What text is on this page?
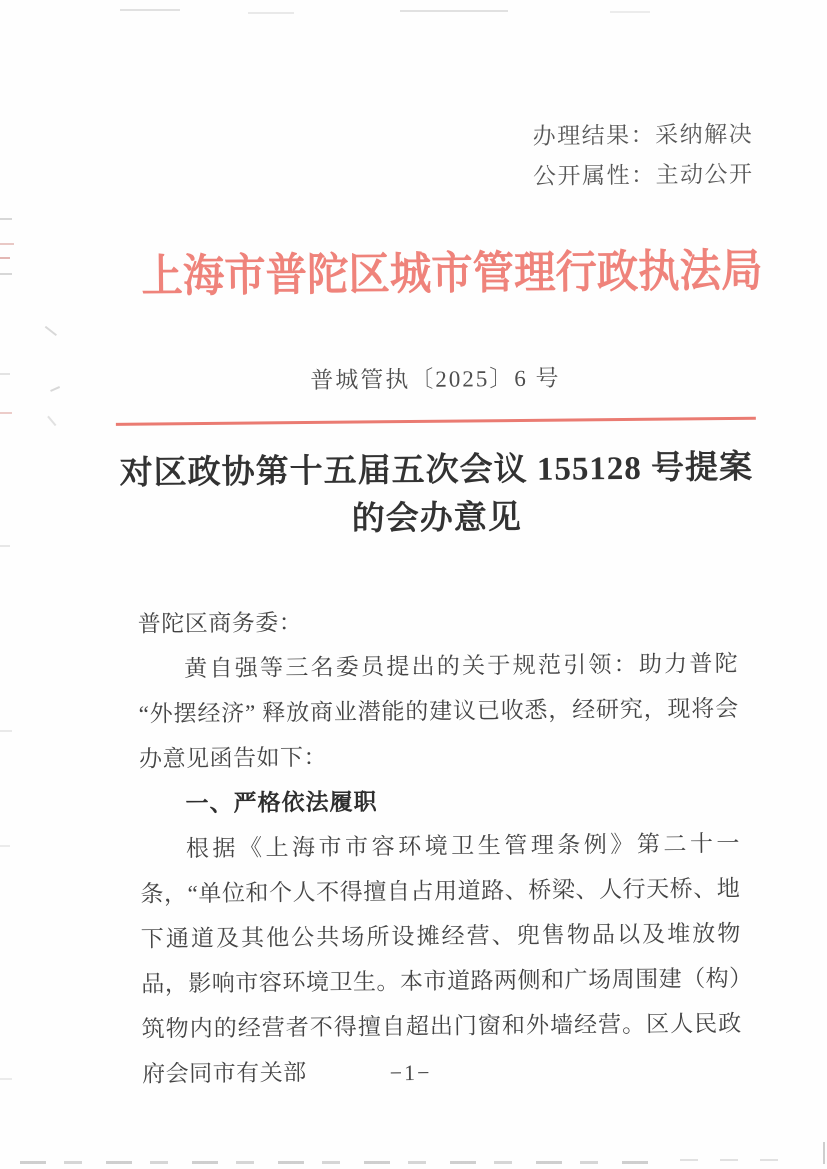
办理结果：采纳解决
公开属性：主动公开
上海市普陀区城市管理行政执法局
普城管执〔2025〕6 号
对区政协第十五届五次会议 155128 号提案
的会办意见
普陀区商务委：

黄自强等三名委员提出的关于规范引领：助力普陀 “外摆经济” 释放商业潜能的建议已收悉，经研究，现将会办意见函告如下：

一、严格依法履职

根据《上海市市容环境卫生管理条例》第二十一条，“单位和个人不得擅自占用道路、桥梁、人行天桥、地下通道及其他公共场所设摊经营、兜售物品以及堆放物品，影响市容环境卫生。本市道路两侧和广场周围建（构）筑物内的经营者不得擅自超出门窗和外墙经营。区人民政府会同市有关部	−1−
